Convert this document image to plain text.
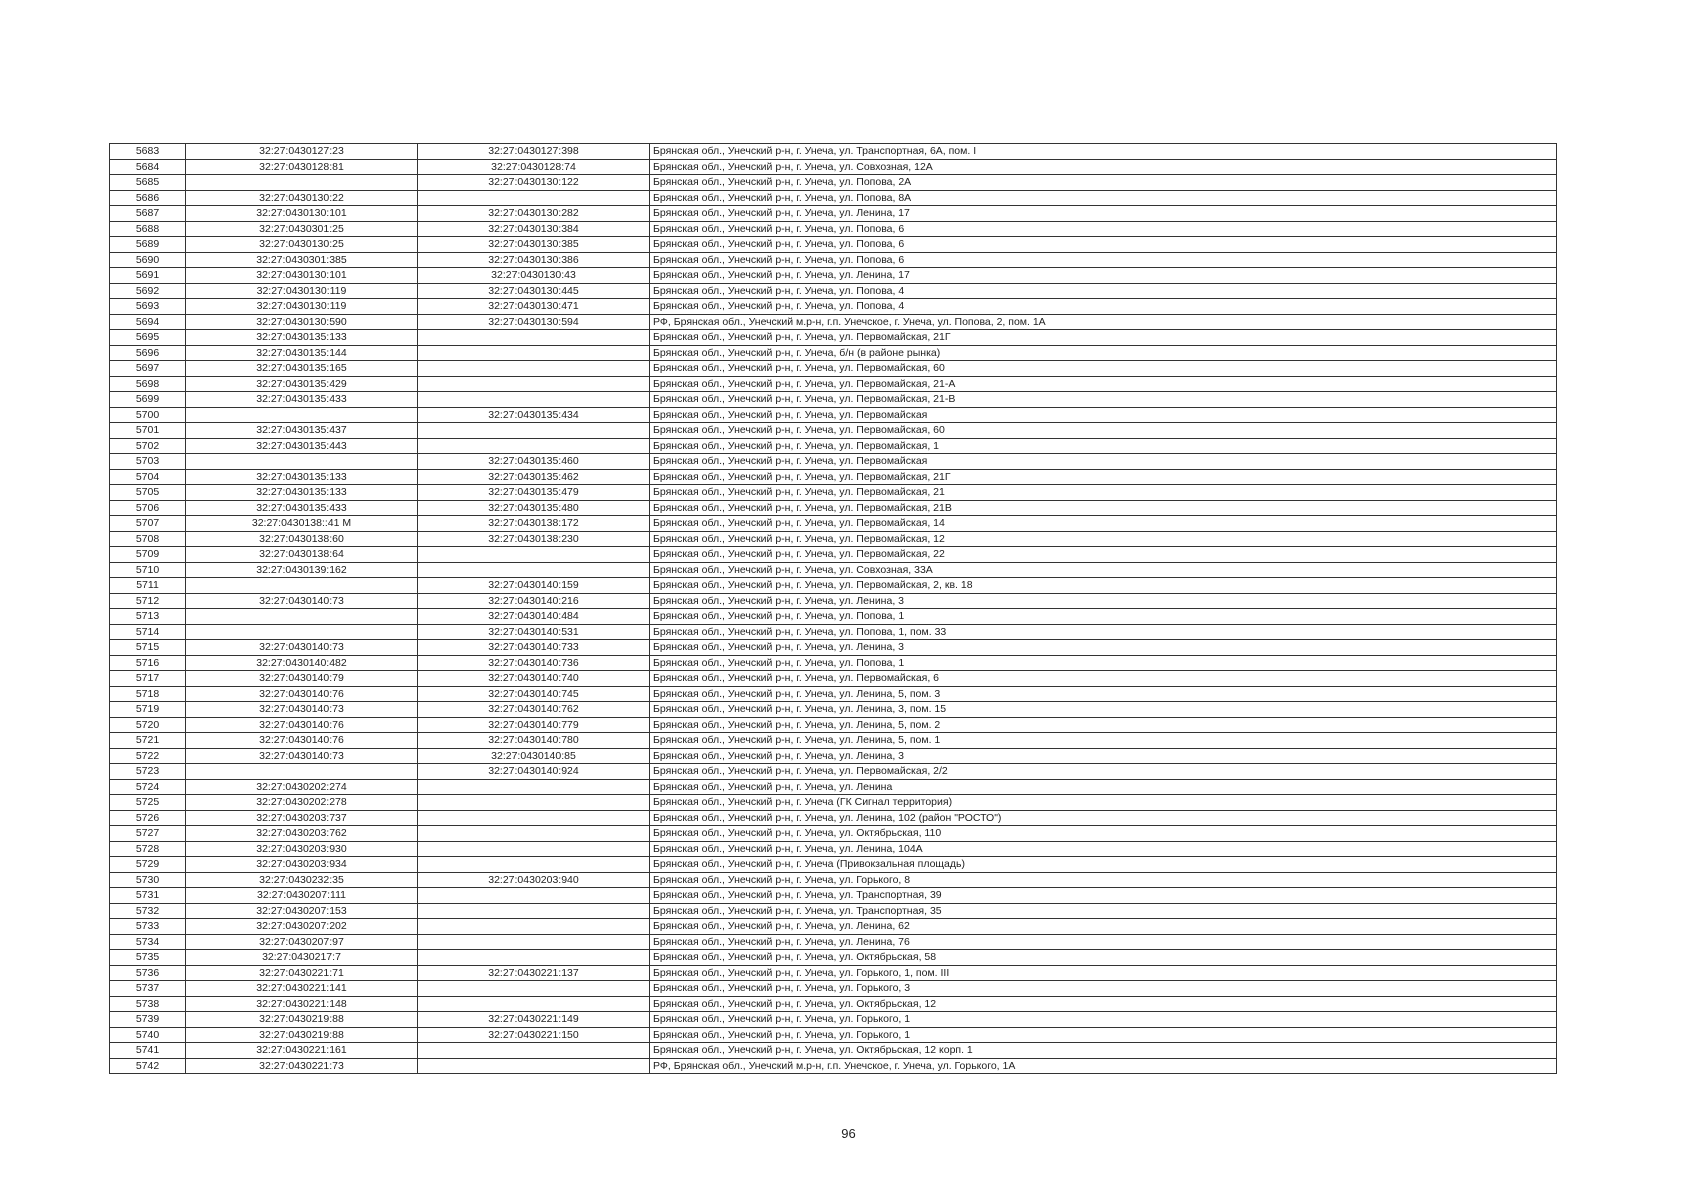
5683	32:27:0430127:23	32:27:0430127:398	Брянская обл., Унечский р-н, г. Унеча, ул. Транспортная, 6А, пом. I
5684	32:27:0430128:81	32:27:0430128:74	Брянская обл., Унечский р-н, г. Унеча, ул. Совхозная, 12А
5685		32:27:0430130:122	Брянская обл., Унечский р-н, г. Унеча, ул. Попова, 2А
5686	32:27:0430130:22		Брянская обл., Унечский р-н, г. Унеча, ул. Попова, 8А
5687	32:27:0430130:101	32:27:0430130:282	Брянская обл., Унечский р-н, г. Унеча, ул. Ленина, 17
5688	32:27:0430301:25	32:27:0430130:384	Брянская обл., Унечский р-н, г. Унеча, ул. Попова, 6
5689	32:27:0430130:25	32:27:0430130:385	Брянская обл., Унечский р-н, г. Унеча, ул. Попова, 6
5690	32:27:0430301:385	32:27:0430130:386	Брянская обл., Унечский р-н, г. Унеча, ул. Попова, 6
5691	32:27:0430130:101	32:27:0430130:43	Брянская обл., Унечский р-н, г. Унеча, ул. Ленина, 17
5692	32:27:0430130:119	32:27:0430130:445	Брянская обл., Унечский р-н, г. Унеча, ул. Попова, 4
5693	32:27:0430130:119	32:27:0430130:471	Брянская обл., Унечский р-н, г. Унеча, ул. Попова, 4
5694	32:27:0430130:590	32:27:0430130:594	РФ, Брянская обл., Унечский м.р-н, г.п. Унечское, г. Унеча, ул. Попова, 2, пом. 1А
5695	32:27:0430135:133		Брянская обл., Унечский р-н, г. Унеча, ул. Первомайская, 21Г
5696	32:27:0430135:144		Брянская обл., Унечский р-н, г. Унеча, б/н (в районе рынка)
5697	32:27:0430135:165		Брянская обл., Унечский р-н, г. Унеча, ул. Первомайская, 60
5698	32:27:0430135:429		Брянская обл., Унечский р-н, г. Унеча, ул. Первомайская, 21-А
5699	32:27:0430135:433		Брянская обл., Унечский р-н, г. Унеча, ул. Первомайская, 21-В
5700		32:27:0430135:434	Брянская обл., Унечский р-н, г. Унеча, ул. Первомайская
5701	32:27:0430135:437		Брянская обл., Унечский р-н, г. Унеча, ул. Первомайская, 60
5702	32:27:0430135:443		Брянская обл., Унечский р-н, г. Унеча, ул. Первомайская, 1
5703		32:27:0430135:460	Брянская обл., Унечский р-н, г. Унеча, ул. Первомайская
5704	32:27:0430135:133	32:27:0430135:462	Брянская обл., Унечский р-н, г. Унеча, ул. Первомайская, 21Г
5705	32:27:0430135:133	32:27:0430135:479	Брянская обл., Унечский р-н, г. Унеча, ул. Первомайская, 21
5706	32:27:0430135:433	32:27:0430135:480	Брянская обл., Унечский р-н, г. Унеча, ул. Первомайская, 21В
5707	32:27:0430138::41 М	32:27:0430138:172	Брянская обл., Унечский р-н, г. Унеча, ул. Первомайская, 14
5708	32:27:0430138:60	32:27:0430138:230	Брянская обл., Унечский р-н, г. Унеча, ул. Первомайская, 12
5709	32:27:0430138:64		Брянская обл., Унечский р-н, г. Унеча, ул. Первомайская, 22
5710	32:27:0430139:162		Брянская обл., Унечский р-н, г. Унеча, ул. Совхозная, 33А
5711		32:27:0430140:159	Брянская обл., Унечский р-н, г. Унеча, ул. Первомайская, 2, кв. 18
5712	32:27:0430140:73	32:27:0430140:216	Брянская обл., Унечский р-н, г. Унеча, ул. Ленина, 3
5713		32:27:0430140:484	Брянская обл., Унечский р-н, г. Унеча, ул. Попова, 1
5714		32:27:0430140:531	Брянская обл., Унечский р-н, г. Унеча, ул. Попова, 1, пом. 33
5715	32:27:0430140:73	32:27:0430140:733	Брянская обл., Унечский р-н, г. Унеча, ул. Ленина, 3
5716	32:27:0430140:482	32:27:0430140:736	Брянская обл., Унечский р-н, г. Унеча, ул. Попова, 1
5717	32:27:0430140:79	32:27:0430140:740	Брянская обл., Унечский р-н, г. Унеча, ул. Первомайская, 6
5718	32:27:0430140:76	32:27:0430140:745	Брянская обл., Унечский р-н, г. Унеча, ул. Ленина, 5, пом. 3
5719	32:27:0430140:73	32:27:0430140:762	Брянская обл., Унечский р-н, г. Унеча, ул. Ленина, 3, пом. 15
5720	32:27:0430140:76	32:27:0430140:779	Брянская обл., Унечский р-н, г. Унеча, ул. Ленина, 5, пом. 2
5721	32:27:0430140:76	32:27:0430140:780	Брянская обл., Унечский р-н, г. Унеча, ул. Ленина, 5, пом. 1
5722	32:27:0430140:73	32:27:0430140:85	Брянская обл., Унечский р-н, г. Унеча, ул. Ленина, 3
5723		32:27:0430140:924	Брянская обл., Унечский р-н, г. Унеча, ул. Первомайская, 2/2
5724	32:27:0430202:274		Брянская обл., Унечский р-н, г. Унеча, ул. Ленина
5725	32:27:0430202:278		Брянская обл., Унечский р-н, г. Унеча (ГК Сигнал территория)
5726	32:27:0430203:737		Брянская обл., Унечский р-н, г. Унеча, ул. Ленина, 102 (район "РОСТО")
5727	32:27:0430203:762		Брянская обл., Унечский р-н, г. Унеча, ул. Октябрьская, 110
5728	32:27:0430203:930		Брянская обл., Унечский р-н, г. Унеча, ул. Ленина, 104А
5729	32:27:0430203:934		Брянская обл., Унечский р-н, г. Унеча (Привокзальная площадь)
5730	32:27:0430232:35	32:27:0430203:940	Брянская обл., Унечский р-н, г. Унеча, ул. Горького, 8
5731	32:27:0430207:111		Брянская обл., Унечский р-н, г. Унеча, ул. Транспортная, 39
5732	32:27:0430207:153		Брянская обл., Унечский р-н, г. Унеча, ул. Транспортная, 35
5733	32:27:0430207:202		Брянская обл., Унечский р-н, г. Унеча, ул. Ленина, 62
5734	32:27:0430207:97		Брянская обл., Унечский р-н, г. Унеча, ул. Ленина, 76
5735	32:27:0430217:7		Брянская обл., Унечский р-н, г. Унеча, ул. Октябрьская, 58
5736	32:27:0430221:71	32:27:0430221:137	Брянская обл., Унечский р-н, г. Унеча, ул. Горького, 1, пом. III
5737	32:27:0430221:141		Брянская обл., Унечский р-н, г. Унеча, ул. Горького, 3
5738	32:27:0430221:148		Брянская обл., Унечский р-н, г. Унеча, ул. Октябрьская, 12
5739	32:27:0430219:88	32:27:0430221:149	Брянская обл., Унечский р-н, г. Унеча, ул. Горького, 1
5740	32:27:0430219:88	32:27:0430221:150	Брянская обл., Унечский р-н, г. Унеча, ул. Горького, 1
5741	32:27:0430221:161		Брянская обл., Унечский р-н, г. Унеча, ул. Октябрьская, 12 корп. 1
5742	32:27:0430221:73		РФ, Брянская обл., Унечский м.р-н, г.п. Унечское, г. Унеча, ул. Горького, 1А
96
